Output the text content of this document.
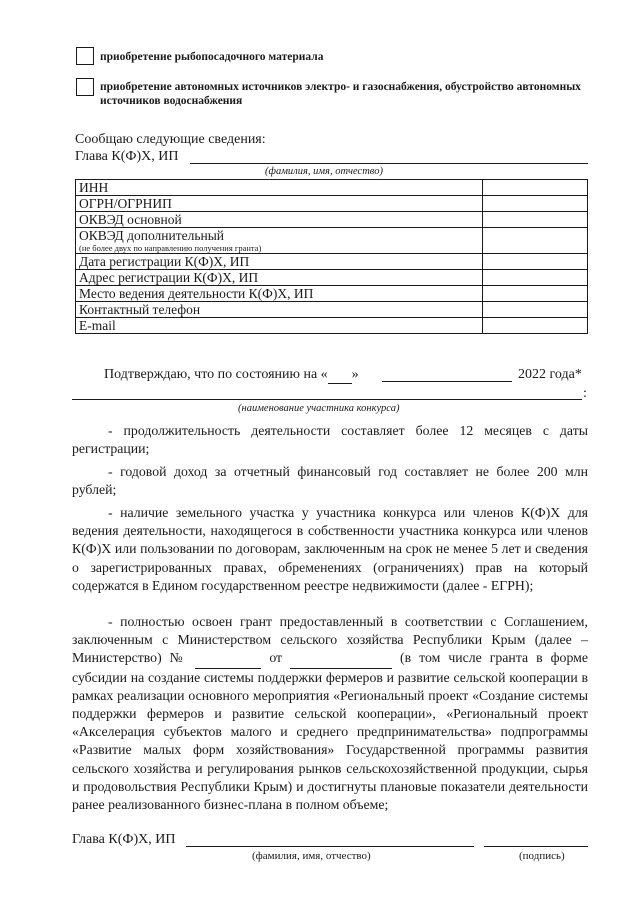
приобретение рыбопосадочного материала
приобретение автономных источников электро- и газоснабжения, обустройство автономных источников водоснабжения
Сообщаю следующие сведения:
Глава К(Ф)Х, ИП
(фамилия, имя, отчество)
ИНН	
ОГРН/ОГРНИП	
ОКВЭД основной	
ОКВЭД дополнительный
(не более двух по направлению получения гранта)	

Дата регистрации К(Ф)Х, ИП	
Адрес регистрации К(Ф)Х, ИП	
Место ведения деятельности К(Ф)Х, ИП	
Контактный телефон	
E-mail	
Подтверждаю, что по состоянию на « »	2022 года*
:
(наименование участника конкурса)
- продолжительность деятельности составляет более 12 месяцев с даты регистрации;
- годовой доход за отчетный финансовый год составляет не более 200 млн рублей;
- наличие земельного участка у участника конкурса или членов К(Ф)Х для ведения деятельности, находящегося в собственности участника конкурса или членов К(Ф)Х или пользовании по договорам, заключенным на срок не менее 5 лет и сведения о зарегистрированных правах, обременениях (ограничениях) прав на который содержатся в Едином государственном реестре недвижимости (далее - ЕГРН);
- полностью освоен грант предоставленный в соответствии с Соглашением, заключенным с Министерством сельского хозяйства Республики Крым (далее – Министерство) №	от	(в том числе гранта в форме субсидии на создание системы поддержки фермеров и развитие сельской кооперации в рамках реализации основного мероприятия «Региональный проект «Создание системы поддержки фермеров и развитие сельской кооперации», «Региональный проект «Акселерация субъектов малого и среднего предпринимательства» подпрограммы «Развитие малых форм хозяйствования» Государственной программы развития сельского хозяйства и регулирования рынков сельскохозяйственной продукции, сырья и продовольствия Республики Крым) и достигнуты плановые показатели деятельности ранее реализованного бизнес-плана в полном объеме;
Глава К(Ф)Х, ИП
(фамилия, имя, отчество)	(подпись)
